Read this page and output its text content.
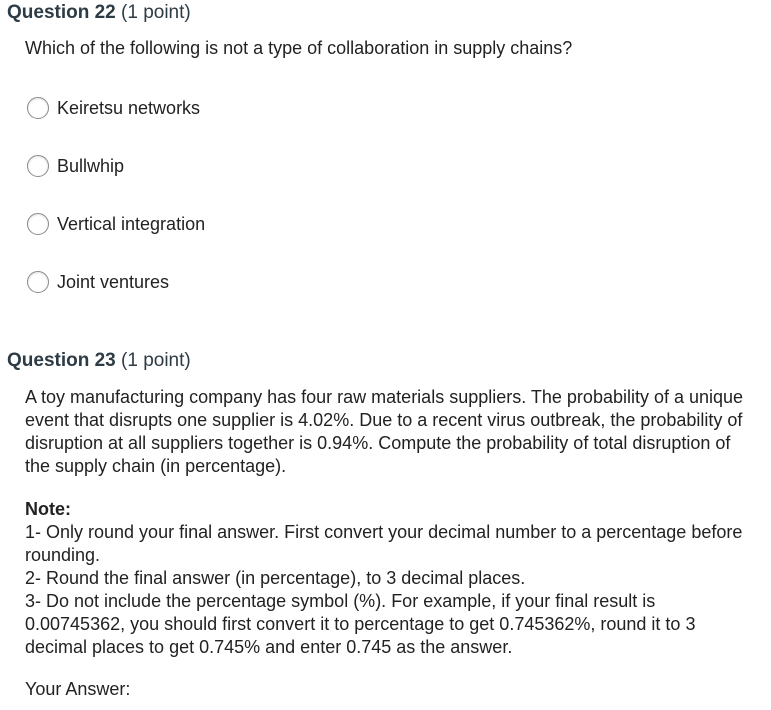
Question 22 (1 point)
Which of the following is not a type of collaboration in supply chains?
Keiretsu networks
Bullwhip
Vertical integration
Joint ventures
Question 23 (1 point)
A toy manufacturing company has four raw materials suppliers. The probability of a unique event that disrupts one supplier is 4.02%. Due to a recent virus outbreak, the probability of disruption at all suppliers together is 0.94%. Compute the probability of total disruption of the supply chain (in percentage).
Note:
1- Only round your final answer. First convert your decimal number to a percentage before rounding.
2- Round the final answer (in percentage), to 3 decimal places.
3- Do not include the percentage symbol (%). For example, if your final result is 0.00745362, you should first convert it to percentage to get 0.745362%, round it to 3 decimal places to get 0.745% and enter 0.745 as the answer.
Your Answer:
